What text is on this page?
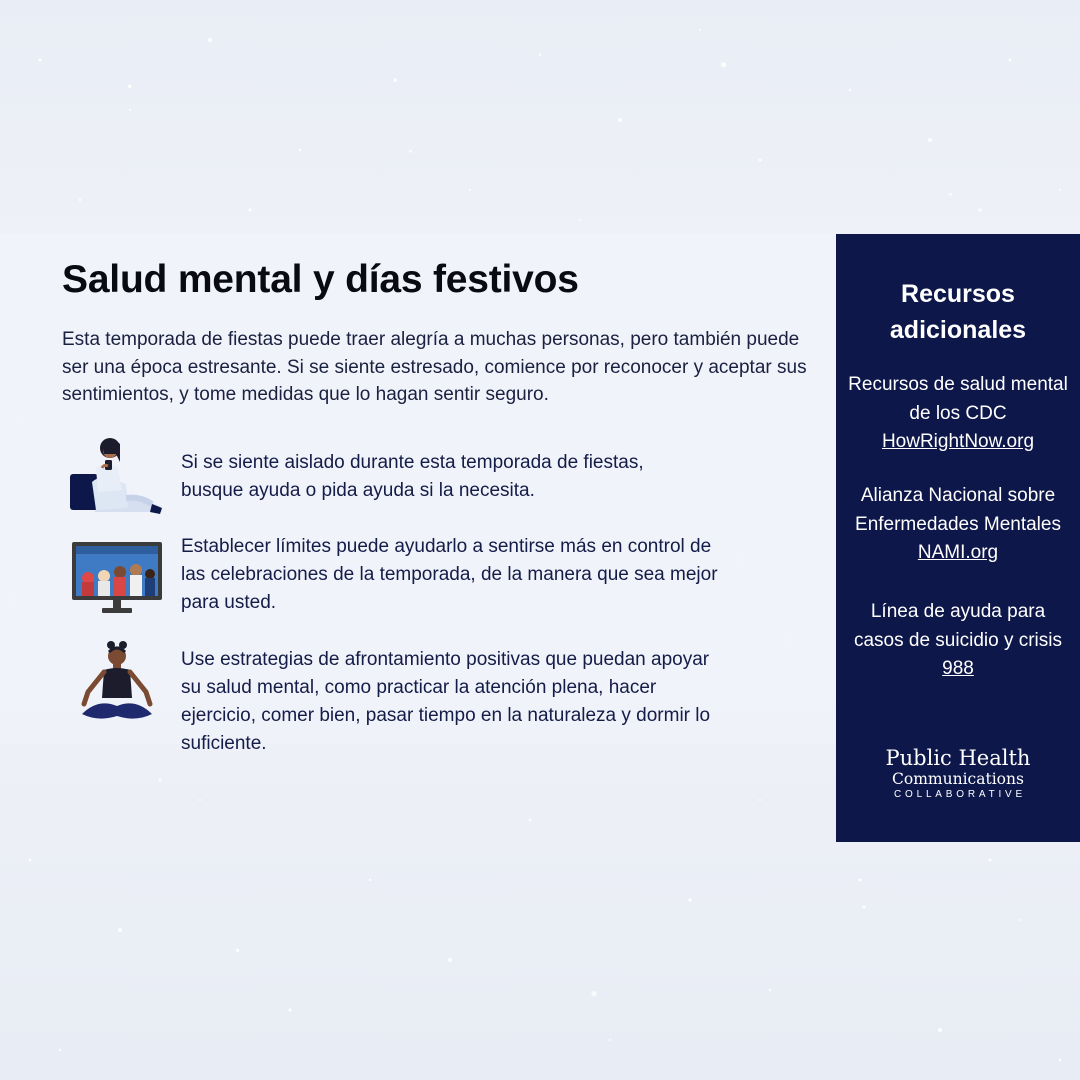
Salud mental y días festivos

Esta temporada de fiestas puede traer alegría a muchas personas, pero también puede ser una época estresante. Si se siente estresado, comience por reconocer y aceptar sus sentimientos, y tome medidas que lo hagan sentir seguro.

Si se siente aislado durante esta temporada de fiestas, busque ayuda o pida ayuda si la necesita.

Establecer límites puede ayudarlo a sentirse más en control de las celebraciones de la temporada, de la manera que sea mejor para usted.

Use estrategias de afrontamiento positivas que puedan apoyar su salud mental, como practicar la atención plena, hacer ejercicio, comer bien, pasar tiempo en la naturaleza y dormir lo suficiente.

Recursos adicionales
Recursos de salud mental de los CDC
HowRightNow.org
Alianza Nacional sobre Enfermedades Mentales NAMI.org
Línea de ayuda para casos de suicidio y crisis 988
Public Health
Communications
COLLABORATIVE
